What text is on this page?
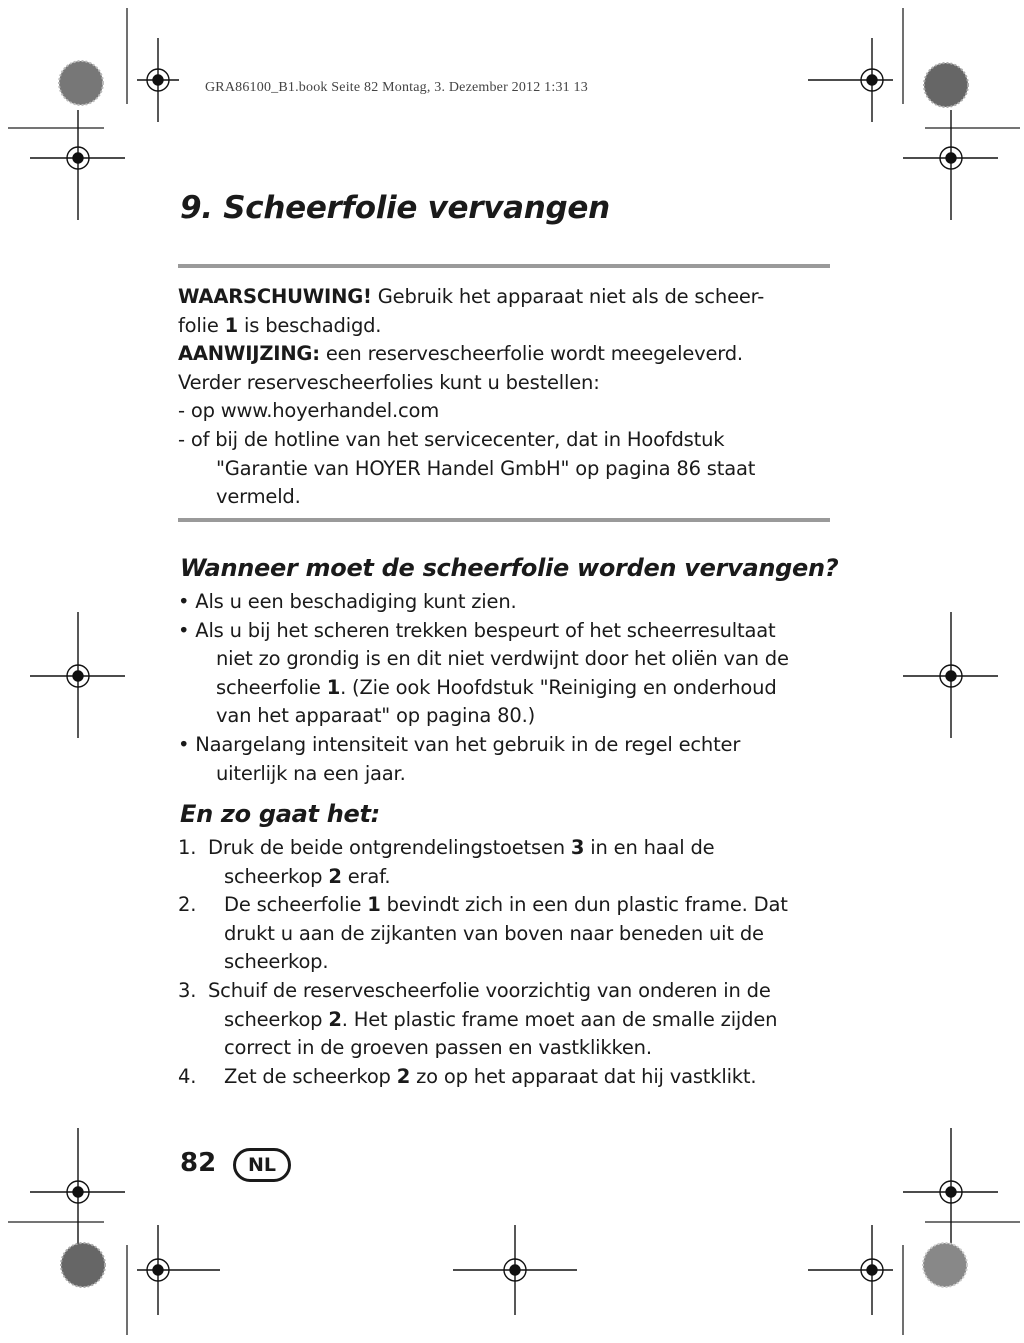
GRA86100_B1.book Seite 82 Montag, 3. Dezember 2012 1:31 13
9. Scheerfolie vervangen

WAARSCHUWING! Gebruik het apparaat niet als de scheer-

folie 1 is beschadigd.

AANWIJZING: een reservescheerfolie wordt meegeleverd.

Verder reservescheerfolies kunt u bestellen:

- op www.hoyerhandel.com

- of bij de hotline van het servicecenter, dat in Hoofdstuk

"Garantie van HOYER Handel GmbH" op pagina 86 staat

vermeld.

Wanneer moet de scheerfolie worden vervangen?

• Als u een beschadiging kunt zien.

• Als u bij het scheren trekken bespeurt of het scheerresultaat

niet zo grondig is en dit niet verdwijnt door het oliën van de

scheerfolie 1. (Zie ook Hoofdstuk "Reiniging en onderhoud

van het apparaat" op pagina 80.)

• Naargelang intensiteit van het gebruik in de regel echter

uiterlijk na een jaar.

En zo gaat het:

1. Druk de beide ontgrendelingstoetsen 3 in en haal de

scheerkop 2 eraf.

2. De scheerfolie 1 bevindt zich in een dun plastic frame. Dat

drukt u aan de zijkanten van boven naar beneden uit de

scheerkop.

3. Schuif de reservescheerfolie voorzichtig van onderen in de

scheerkop 2. Het plastic frame moet aan de smalle zijden

correct in de groeven passen en vastklikken.

4. Zet de scheerkop 2 zo op het apparaat dat hij vastklikt.

82 NL
